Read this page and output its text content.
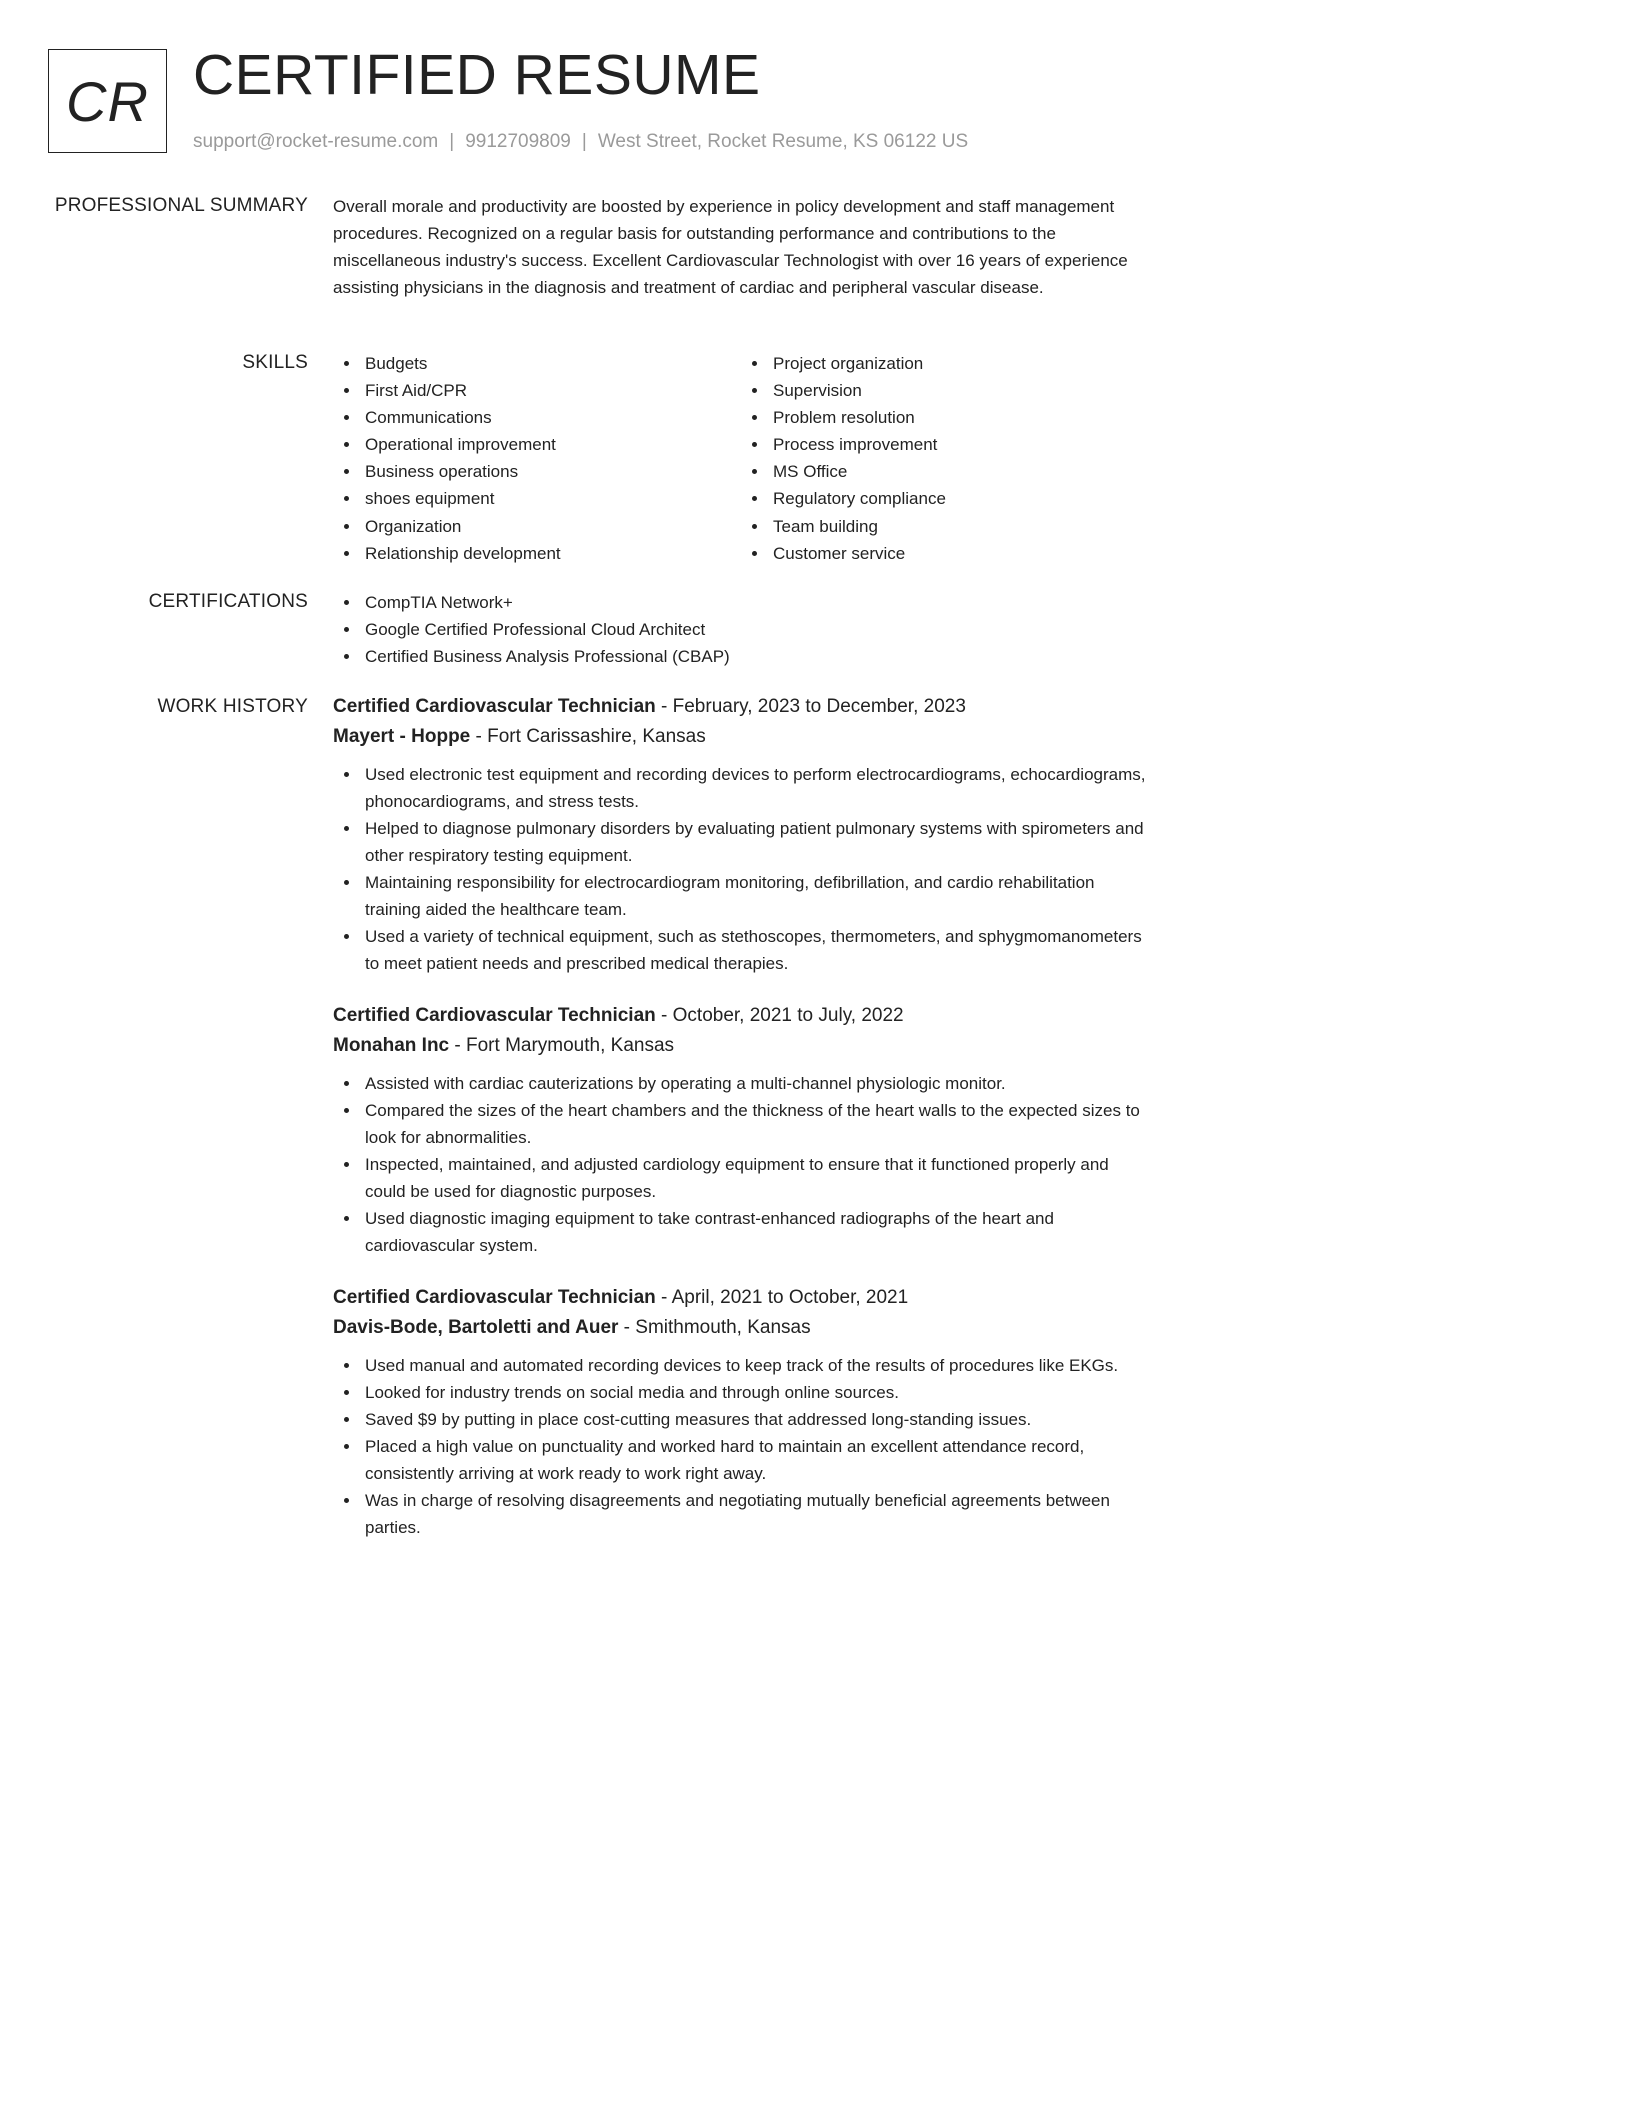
CR CERTIFIED RESUME
support@rocket-resume.com | 9912709809 | West Street, Rocket Resume, KS 06122 US
PROFESSIONAL SUMMARY Overall morale and productivity are boosted by experience in policy development and staff management procedures. Recognized on a regular basis for outstanding performance and contributions to the miscellaneous industry's success. Excellent Cardiovascular Technologist with over 16 years of experience assisting physicians in the diagnosis and treatment of cardiac and peripheral vascular disease.

SKILLS	Budgets
First Aid/CPR
Communications
Operational improvement
Business operations
shoes equipment
Organization
Relationship development
Project organization
Supervision
Problem resolution
Process improvement
MS Office
Regulatory compliance
Team building
Customer service
CERTIFICATIONS	CompTIA Network+
Google Certified Professional Cloud Architect
Certified Business Analysis Professional (CBAP)
WORK HISTORY Certified Cardiovascular Technician - February, 2023 to December, 2023

Mayert - Hoppe - Fort Carissashire, Kansas

Used electronic test equipment and recording devices to perform electrocardiograms, echocardiograms, phonocardiograms, and stress tests.
Helped to diagnose pulmonary disorders by evaluating patient pulmonary systems with spirometers and other respiratory testing equipment.
Maintaining responsibility for electrocardiogram monitoring, defibrillation, and cardio rehabilitation training aided the healthcare team.
Used a variety of technical equipment, such as stethoscopes, thermometers, and sphygmomanometers to meet patient needs and prescribed medical therapies.

Certified Cardiovascular Technician - October, 2021 to July, 2022

Monahan Inc - Fort Marymouth, Kansas

Assisted with cardiac cauterizations by operating a multi-channel physiologic monitor.
Compared the sizes of the heart chambers and the thickness of the heart walls to the expected sizes to look for abnormalities.
Inspected, maintained, and adjusted cardiology equipment to ensure that it functioned properly and could be used for diagnostic purposes.
Used diagnostic imaging equipment to take contrast-enhanced radiographs of the heart and cardiovascular system.

Certified Cardiovascular Technician - April, 2021 to October, 2021

Davis-Bode, Bartoletti and Auer - Smithmouth, Kansas

Used manual and automated recording devices to keep track of the results of procedures like EKGs.
Looked for industry trends on social media and through online sources.
Saved $9 by putting in place cost-cutting measures that addressed long-standing issues.
Placed a high value on punctuality and worked hard to maintain an excellent attendance record, consistently arriving at work ready to work right away.
Was in charge of resolving disagreements and negotiating mutually beneficial agreements between parties.
